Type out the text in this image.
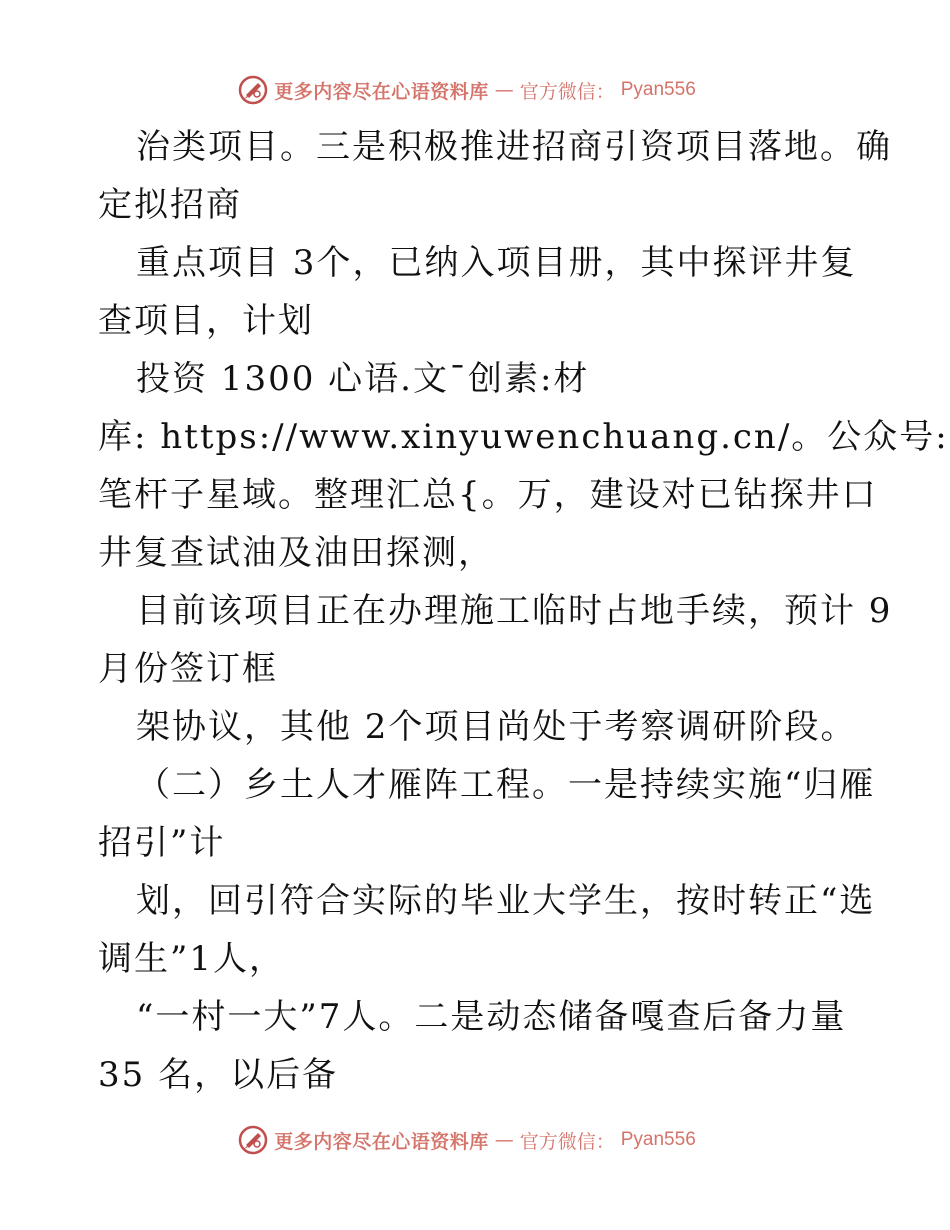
更多内容尽在心语资料库 — 官方微信： Pyan556
治类项目。三是积极推进招商引资项目落地。确
定拟招商
重点项目 3个，已纳入项目册，其中探评井复
查项目，计划
投资 1300 心语.文¯创素:材
库: https://www.xinyuwenchuang.cn/。公众号:
笔杆子星域。整理汇总{。万，建设对已钻探井口
井复查试油及油田探测，
目前该项目正在办理施工临时占地手续，预计 9
月份签订框
架协议，其他 2个项目尚处于考察调研阶段。
（二）乡土人才雁阵工程。一是持续实施“归雁
招引”计
划，回引符合实际的毕业大学生，按时转正“选
调生”1人，
“一村一大”7人。二是动态储备嘎查后备力量
35 名，以后备
更多内容尽在心语资料库 — 官方微信： Pyan556
